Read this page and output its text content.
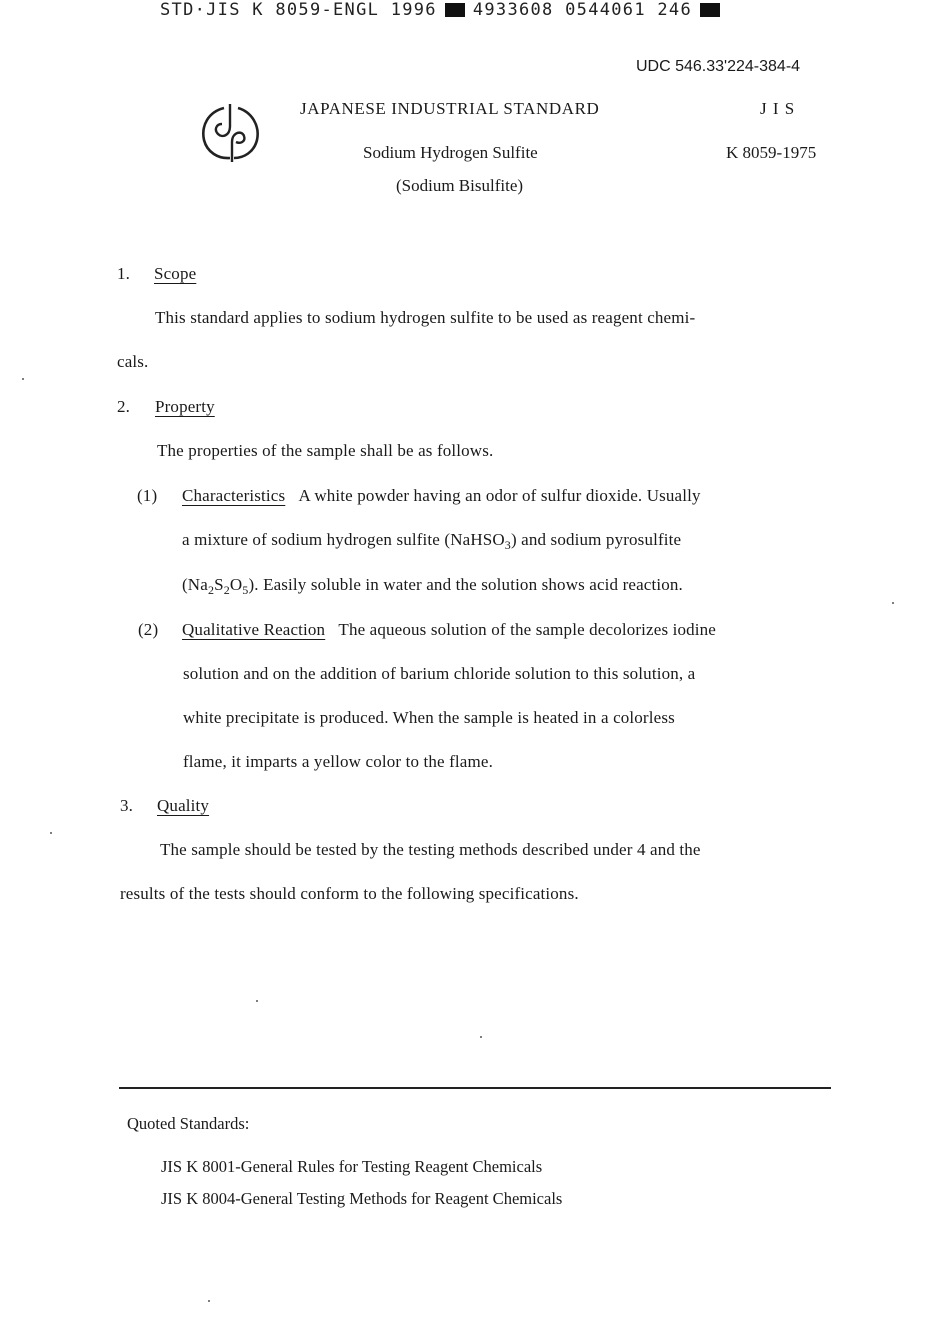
STD·JIS K 8059-ENGL 1996 4933608 0544061 246
UDC 546.33'224-384-4
JAPANESE INDUSTRIAL STANDARD	J I S
Sodium Hydrogen Sulfite	K 8059-1975
(Sodium Bisulfite)
1. Scope
This standard applies to sodium hydrogen sulfite to be used as reagent chemi-
cals.
2. Property
The properties of the sample shall be as follows.
(1) Characteristics A white powder having an odor of sulfur dioxide. Usually
a mixture of sodium hydrogen sulfite (NaHSO$_3$) and sodium pyrosulfite
$(Na_2S_2O_5)$. Easily soluble in water and the solution shows acid reaction.
(2) Qualitative Reaction The aqueous solution of the sample decolorizes iodine
solution and on the addition of barium chloride solution to this solution, a
white precipitate is produced. When the sample is heated in a colorless
flame, it imparts a yellow color to the flame.
3. Quality
The sample should be tested by the testing methods described under 4 and the
results of the tests should conform to the following specifications.
Quoted Standards:
JIS K 8001-General Rules for Testing Reagent Chemicals
JIS K 8004-General Testing Methods for Reagent Chemicals
